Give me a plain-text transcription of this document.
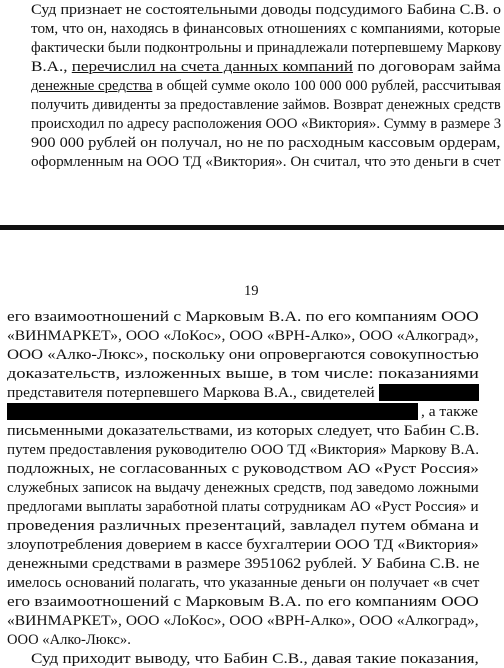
Суд признает не состоятельными доводы подсудимого Бабина С.В. о
том, что он, находясь в финансовых отношениях с компаниями, которые
фактически были подконтрольны и принадлежали потерпевшему Маркову
В.А., перечислил на счета данных компаний по договорам займа
денежные средства в общей сумме около 100 000 000 рублей, рассчитывая
получить дивиденты за предоставление займов. Возврат денежных средств
происходил по адресу расположения ООО «Виктория». Сумму в размере 3
900 000 рублей он получал, но не по расходным кассовым ордерам,
оформленным на ООО ТД «Виктория». Он считал, что это деньги в счет
19
его взаимоотношений с Марковым В.А. по его компаниям ООО
«ВИНМАРКЕТ», ООО «ЛоКос», ООО «ВРН-Алко», ООО «Алкоград»,
ООО «Алко-Люкс», поскольку они опровергаются совокупностью
доказательств, изложенных выше, в том числе: показаниями
представителя потерпевшего Маркова В.А., свидетелей
, а также
письменными доказательствами, из которых следует, что Бабин С.В.
путем предоставления руководителю ООО ТД «Виктория» Маркову В.А.
подложных, не согласованных с руководством АО «Руст Россия»
служебных записок на выдачу денежных средств, под заведомо ложными
предлогами выплаты заработной платы сотрудникам АО «Руст Россия» и
проведения различных презентаций, завладел путем обмана и
злоупотребления доверием в кассе бухгалтерии ООО ТД «Виктория»
денежными средствами в размере 3951062 рублей. У Бабина С.В. не
имелось оснований полагать, что указанные деньги он получает «в счет
его взаимоотношений с Марковым В.А. по его компаниям ООО
«ВИНМАРКЕТ», ООО «ЛоКос», ООО «ВРН-Алко», ООО «Алкоград»,
ООО «Алко-Люкс».
Суд приходит выводу, что Бабин С.В., давая такие показания,
